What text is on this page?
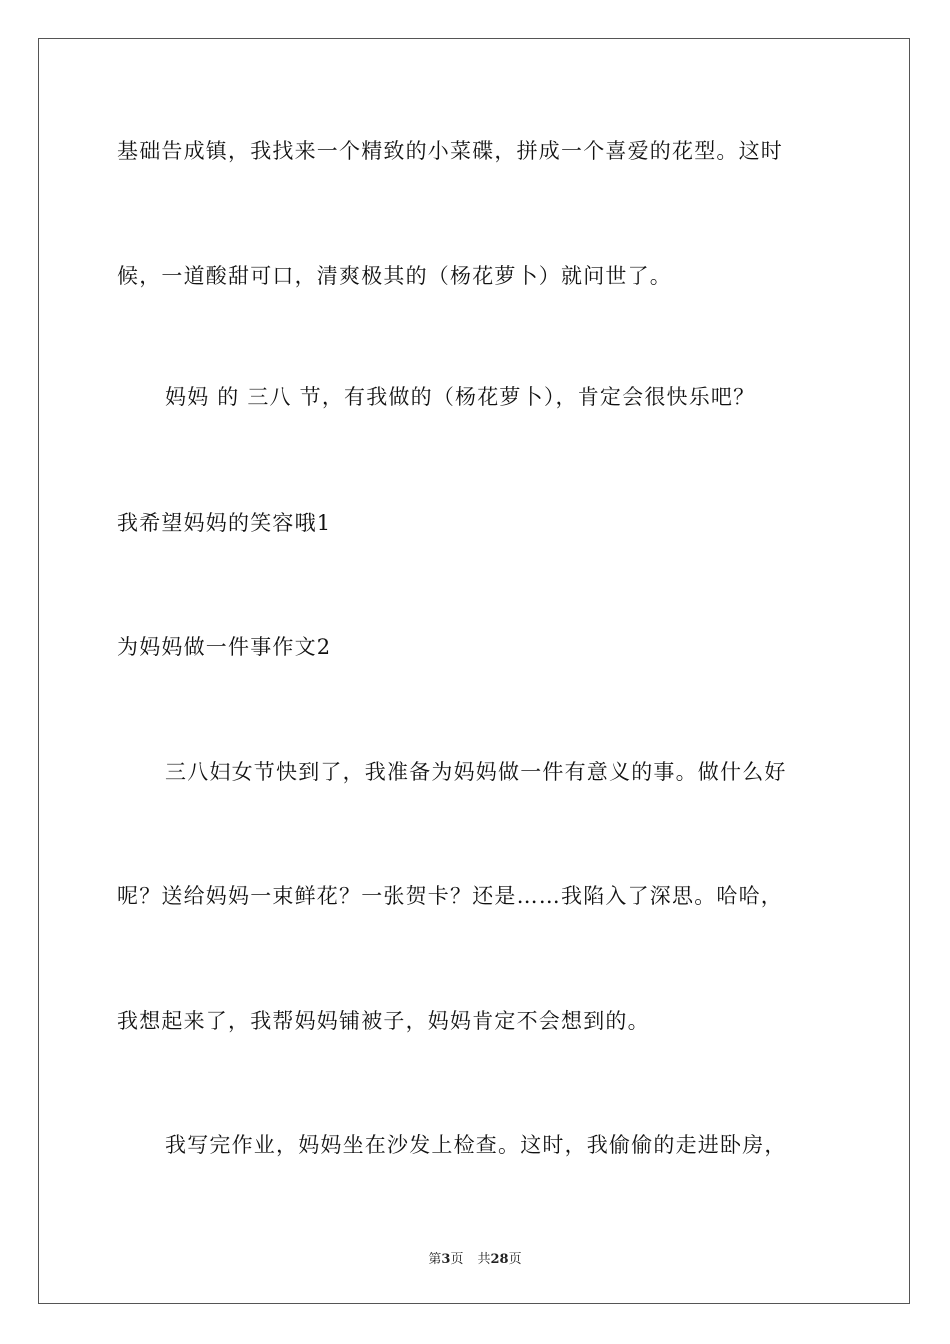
基础告成镇，我找来一个精致的小菜碟，拼成一个喜爱的花型。这时
候，一道酸甜可口，清爽极其的（杨花萝卜）就问世了。
妈妈 的 三八 节，有我做的（杨花萝卜），肯定会很快乐吧？
我希望妈妈的笑容哦1
为妈妈做一件事作文2
三八妇女节快到了，我准备为妈妈做一件有意义的事。做什么好
呢？送给妈妈一束鲜花？一张贺卡？还是……我陷入了深思。哈哈，
我想起来了，我帮妈妈铺被子，妈妈肯定不会想到的。
我写完作业，妈妈坐在沙发上检查。这时，我偷偷的走进卧房，
第3页 共28页
